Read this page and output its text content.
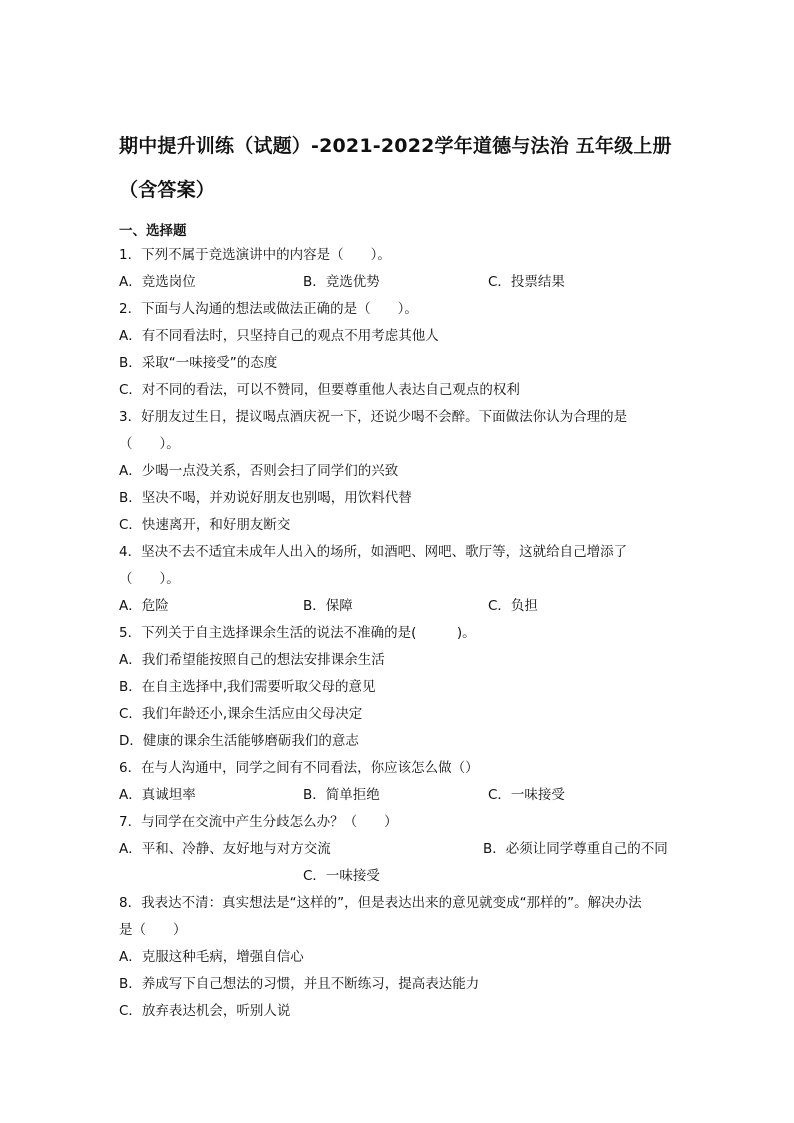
期中提升训练（试题）-2021-2022学年道德与法治 五年级上册（含答案）
一、选择题
1．下列不属于竞选演讲中的内容是（　　）。
A．竞选岗位	B．竞选优势	C．投票结果
2．下面与人沟通的想法或做法正确的是（　　）。
A．有不同看法时，只坚持自己的观点不用考虑其他人
B．采取“一味接受”的态度
C．对不同的看法，可以不赞同，但要尊重他人表达自己观点的权利
3．好朋友过生日，提议喝点酒庆祝一下，还说少喝不会醉。下面做法你认为合理的是
（　　）。
A．少喝一点没关系，否则会扫了同学们的兴致
B．坚决不喝，并劝说好朋友也别喝，用饮料代替
C．快速离开，和好朋友断交
4．坚决不去不适宜未成年人出入的场所，如酒吧、网吧、歌厅等，这就给自己增添了
（　　）。
A．危险	B．保障	C．负担
5．下列关于自主选择课余生活的说法不准确的是(　　　)。
A．我们希望能按照自己的想法安排课余生活
B．在自主选择中,我们需要听取父母的意见
C．我们年龄还小,课余生活应由父母决定
D．健康的课余生活能够磨砺我们的意志
6．在与人沟通中，同学之间有不同看法，你应该怎么做（）
A．真诚坦率	B．简单拒绝	C．一味接受
7．与同学在交流中产生分歧怎么办？（　　）
A．平和、冷静、友好地与对方交流	B．必须让同学尊重自己的不同
C．一味接受
8．我表达不清：真实想法是“这样的”，但是表达出来的意见就变成“那样的”。解决办法
是（　　）
A．克服这种毛病，增强自信心
B．养成写下自己想法的习惯，并且不断练习，提高表达能力
C．放弃表达机会，听别人说
